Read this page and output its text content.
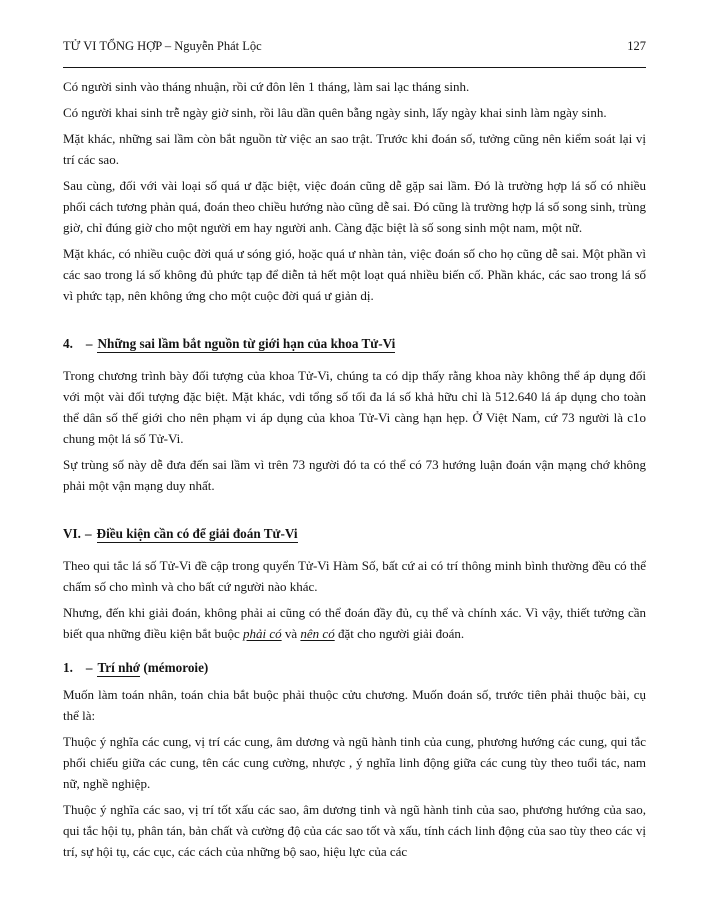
TỬ VI TỔNG HỢP – Nguyễn Phát Lộc	127

Có người sinh vào tháng nhuận, rồi cứ đôn lên 1 tháng, làm sai lạc tháng sinh.

Có người khai sinh trễ ngày giờ sinh, rồi lâu dần quên bẵng ngày sinh, lấy ngày khai sinh làm ngày sinh.

Mặt khác, những sai lầm còn bắt nguồn từ việc an sao trật. Trước khi đoán số, tưởng cũng nên kiểm soát lại vị trí các sao.

Sau cùng, đối với vài loại số quá ư đặc biệt, việc đoán cũng dễ gặp sai lầm. Đó là trường hợp lá số có nhiều phối cách tương phản quá, đoán theo chiều hướng nào cũng dễ sai. Đó cũng là trường hợp lá số song sinh, trùng giờ, chỉ đúng giờ cho một người em hay người anh. Càng đặc biệt là số song sinh một nam, một nữ.

Mặt khác, có nhiều cuộc đời quá ư sóng gió, hoặc quá ư nhàn tản, việc đoán số cho họ cũng dễ sai. Một phần vì các sao trong lá số không đủ phức tạp để diễn tả hết một loạt quá nhiều biến cố. Phần khác, các sao trong lá số vì phức tạp, nên không ứng cho một cuộc đời quá ư giản dị.

4. – Những sai lầm bắt nguồn từ giới hạn của khoa Tử-Vi

Trong chương trình bày đối tượng của khoa Tử-Vi, chúng ta có dịp thấy rằng khoa này không thể áp dụng đối với một vài đối tượng đặc biệt. Mặt khác, vdi tổng số tối đa lá số khả hữu chỉ là 512.640 lá áp dụng cho toàn thể dân số thế giới cho nên phạm vi áp dụng của khoa Tử-Vi càng hạn hẹp. Ở Việt Nam, cứ 73 người là c1o chung một lá số Tử-Vi.

Sự trùng số này dễ đưa đến sai lầm vì trên 73 người đó ta có thể có 73 hướng luận đoán vận mạng chớ không phải một vận mạng duy nhất.

VI. – Điều kiện cần có để giải đoán Tử-Vi

Theo qui tắc lá số Tử-Vi đề cập trong quyển Tử-Vi Hàm Số, bất cứ ai có trí thông minh bình thường đều có thể chấm số cho mình và cho bất cứ người nào khác.

Nhưng, đến khi giải đoán, không phải ai cũng có thể đoán đầy đủ, cụ thể và chính xác. Vì vậy, thiết tưởng cần biết qua những điều kiện bắt buộc phải có và nên có đặt cho người giải đoán.

1. – Trí nhớ (mémoroie)

Muốn làm toán nhân, toán chia bắt buộc phải thuộc cửu chương. Muốn đoán số, trước tiên phải thuộc bài, cụ thể là:

Thuộc ý nghĩa các cung, vị trí các cung, âm dương và ngũ hành tinh của cung, phương hướng các cung, qui tắc phối chiếu giữa các cung, tên các cung cường, nhược , ý nghĩa linh động giữa các cung tùy theo tuổi tác, nam nữ, nghề nghiệp.

Thuộc ý nghĩa các sao, vị trí tốt xấu các sao, âm dương tinh và ngũ hành tinh của sao, phương hướng của sao, qui tắc hội tụ, phân tán, bản chất và cường độ của các sao tốt và xấu, tính cách linh động của sao tùy theo các vị trí, sự hội tụ, các cục, các cách của những bộ sao, hiệu lực của các
